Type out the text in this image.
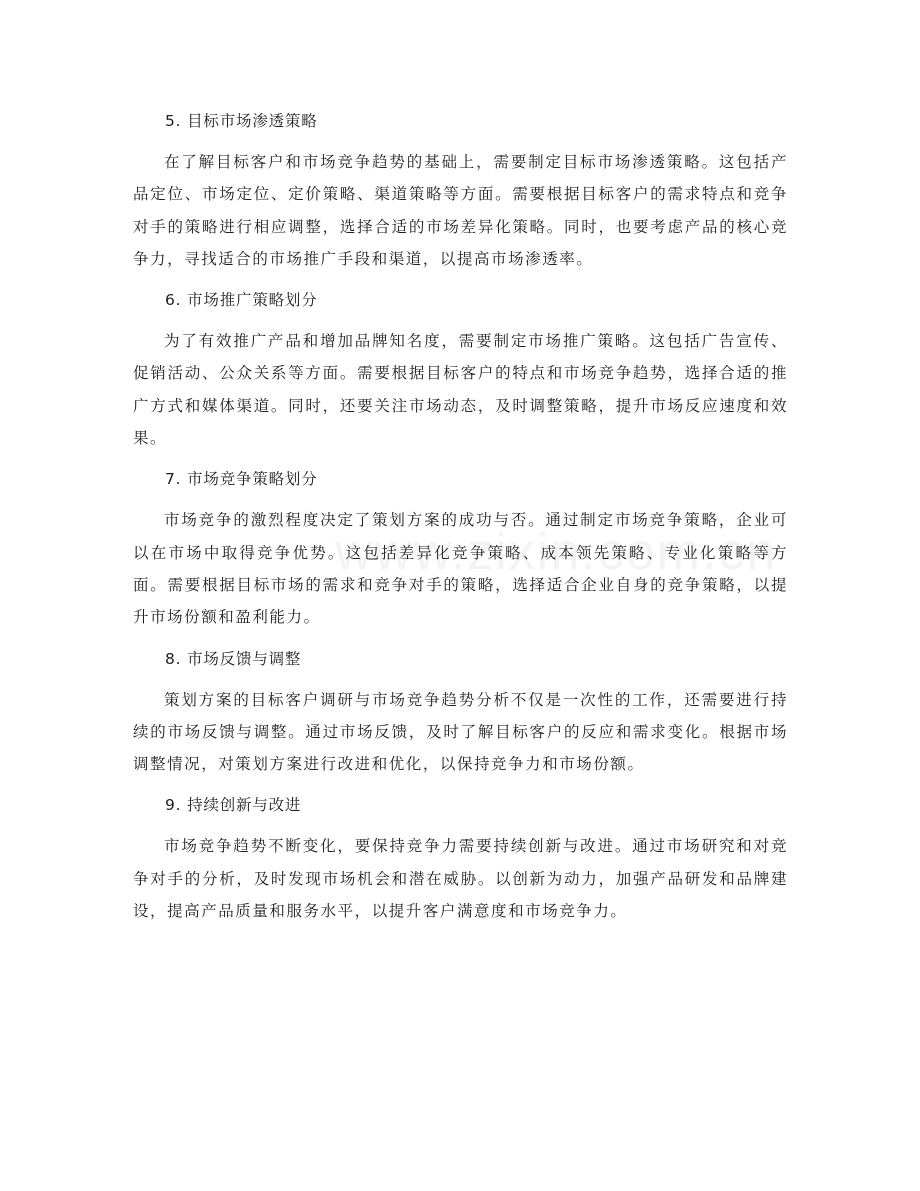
5. 目标市场渗透策略

在了解目标客户和市场竞争趋势的基础上，需要制定目标市场渗透策略。这包括产品定位、市场定位、定价策略、渠道策略等方面。需要根据目标客户的需求特点和竞争对手的策略进行相应调整，选择合适的市场差异化策略。同时，也要考虑产品的核心竞争力，寻找适合的市场推广手段和渠道，以提高市场渗透率。

6. 市场推广策略划分

为了有效推广产品和增加品牌知名度，需要制定市场推广策略。这包括广告宣传、促销活动、公众关系等方面。需要根据目标客户的特点和市场竞争趋势，选择合适的推广方式和媒体渠道。同时，还要关注市场动态，及时调整策略，提升市场反应速度和效果。

7. 市场竞争策略划分

市场竞争的激烈程度决定了策划方案的成功与否。通过制定市场竞争策略，企业可以在市场中取得竞争优势。这包括差异化竞争策略、成本领先策略、专业化策略等方面。需要根据目标市场的需求和竞争对手的策略，选择适合企业自身的竞争策略，以提升市场份额和盈利能力。

8. 市场反馈与调整

策划方案的目标客户调研与市场竞争趋势分析不仅是一次性的工作，还需要进行持续的市场反馈与调整。通过市场反馈，及时了解目标客户的反应和需求变化。根据市场调整情况，对策划方案进行改进和优化，以保持竞争力和市场份额。

9. 持续创新与改进

市场竞争趋势不断变化，要保持竞争力需要持续创新与改进。通过市场研究和对竞争对手的分析，及时发现市场机会和潜在威胁。以创新为动力，加强产品研发和品牌建设，提高产品质量和服务水平，以提升客户满意度和市场竞争力。
